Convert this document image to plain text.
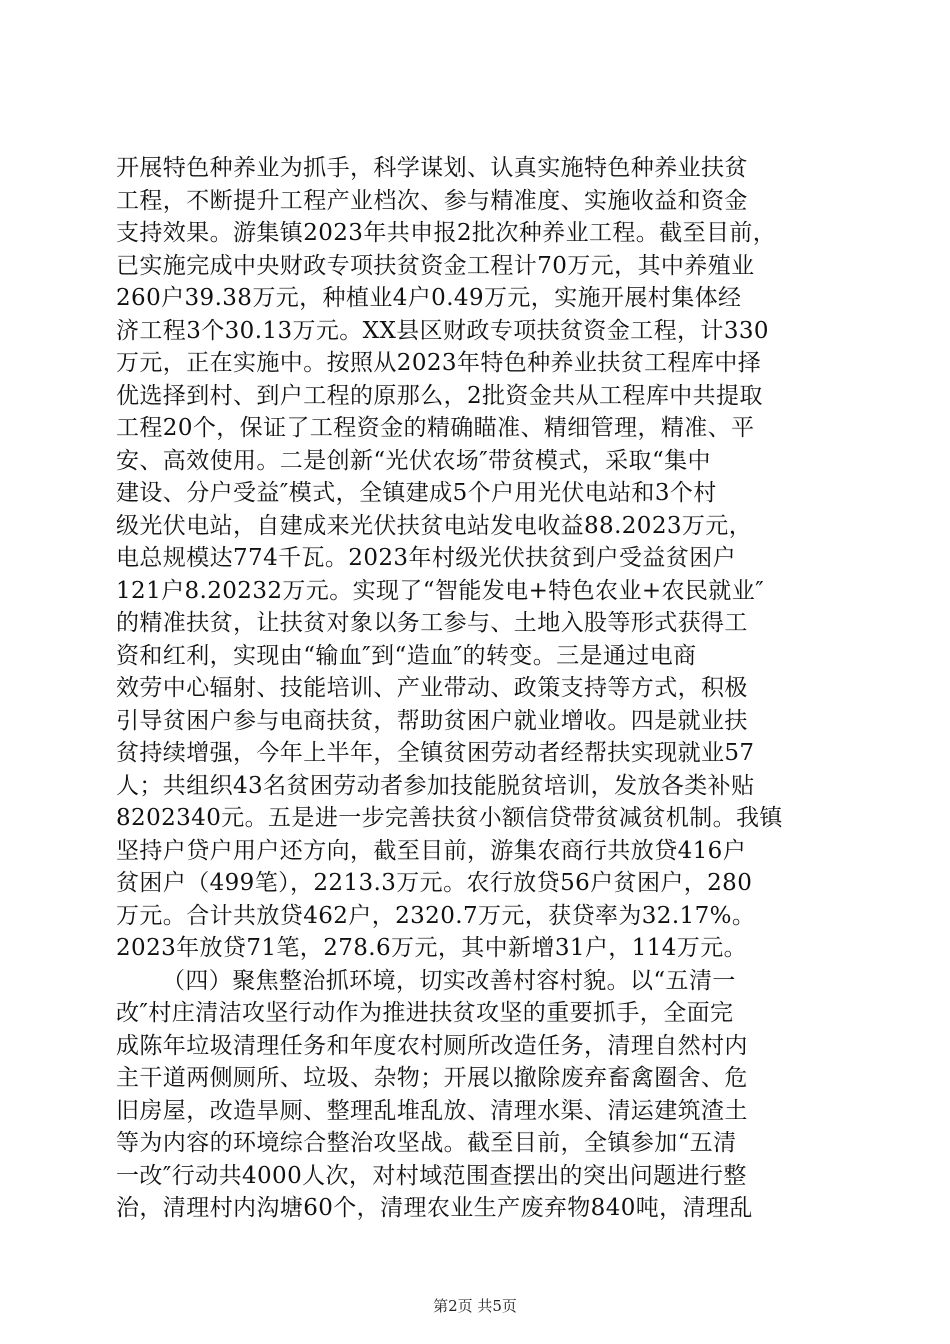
开展特色种养业为抓手，科学谋划、认真实施特色种养业扶贫
工程，不断提升工程产业档次、参与精准度、实施收益和资金
支持效果。游集镇2023年共申报2批次种养业工程。截至目前，
已实施完成中央财政专项扶贫资金工程计70万元，其中养殖业
260户39.38万元，种植业4户0.49万元，实施开展村集体经
济工程3个30.13万元。XX县区财政专项扶贫资金工程，计330
万元，正在实施中。按照从2023年特色种养业扶贫工程库中择
优选择到村、到户工程的原那么，2批资金共从工程库中共提取
工程20个，保证了工程资金的精确瞄准、精细管理，精准、平
安、高效使用。二是创新“光伏农场″带贫模式，采取“集中
建设、分户受益″模式，全镇建成5个户用光伏电站和3个村
级光伏电站，自建成来光伏扶贫电站发电收益88.2023万元，
电总规模达774千瓦。2023年村级光伏扶贫到户受益贫困户
121户8.20232万元。实现了“智能发电+特色农业+农民就业″
的精准扶贫，让扶贫对象以务工参与、土地入股等形式获得工
资和红利，实现由“输血″到“造血″的转变。三是通过电商
效劳中心辐射、技能培训、产业带动、政策支持等方式，积极
引导贫困户参与电商扶贫，帮助贫困户就业增收。四是就业扶
贫持续增强，今年上半年，全镇贫困劳动者经帮扶实现就业57
人；共组织43名贫困劳动者参加技能脱贫培训，发放各类补贴
8202340元。五是进一步完善扶贫小额信贷带贫减贫机制。我镇
坚持户贷户用户还方向，截至目前，游集农商行共放贷416户
贫困户（499笔），2213.3万元。农行放贷56户贫困户，280
万元。合计共放贷462户，2320.7万元，获贷率为32.17%。
2023年放贷71笔，278.6万元，其中新增31户，114万元。
（四）聚焦整治抓环境，切实改善村容村貌。以“五清一
改″村庄清洁攻坚行动作为推进扶贫攻坚的重要抓手，全面完
成陈年垃圾清理任务和年度农村厕所改造任务，清理自然村内
主干道两侧厕所、垃圾、杂物；开展以撤除废弃畜禽圈舍、危
旧房屋，改造旱厕、整理乱堆乱放、清理水渠、清运建筑渣土
等为内容的环境综合整治攻坚战。截至目前，全镇参加“五清
一改″行动共4000人次，对村域范围查摆出的突出问题进行整
治，清理村内沟塘60个，清理农业生产废弃物840吨，清理乱
第2页 共5页
